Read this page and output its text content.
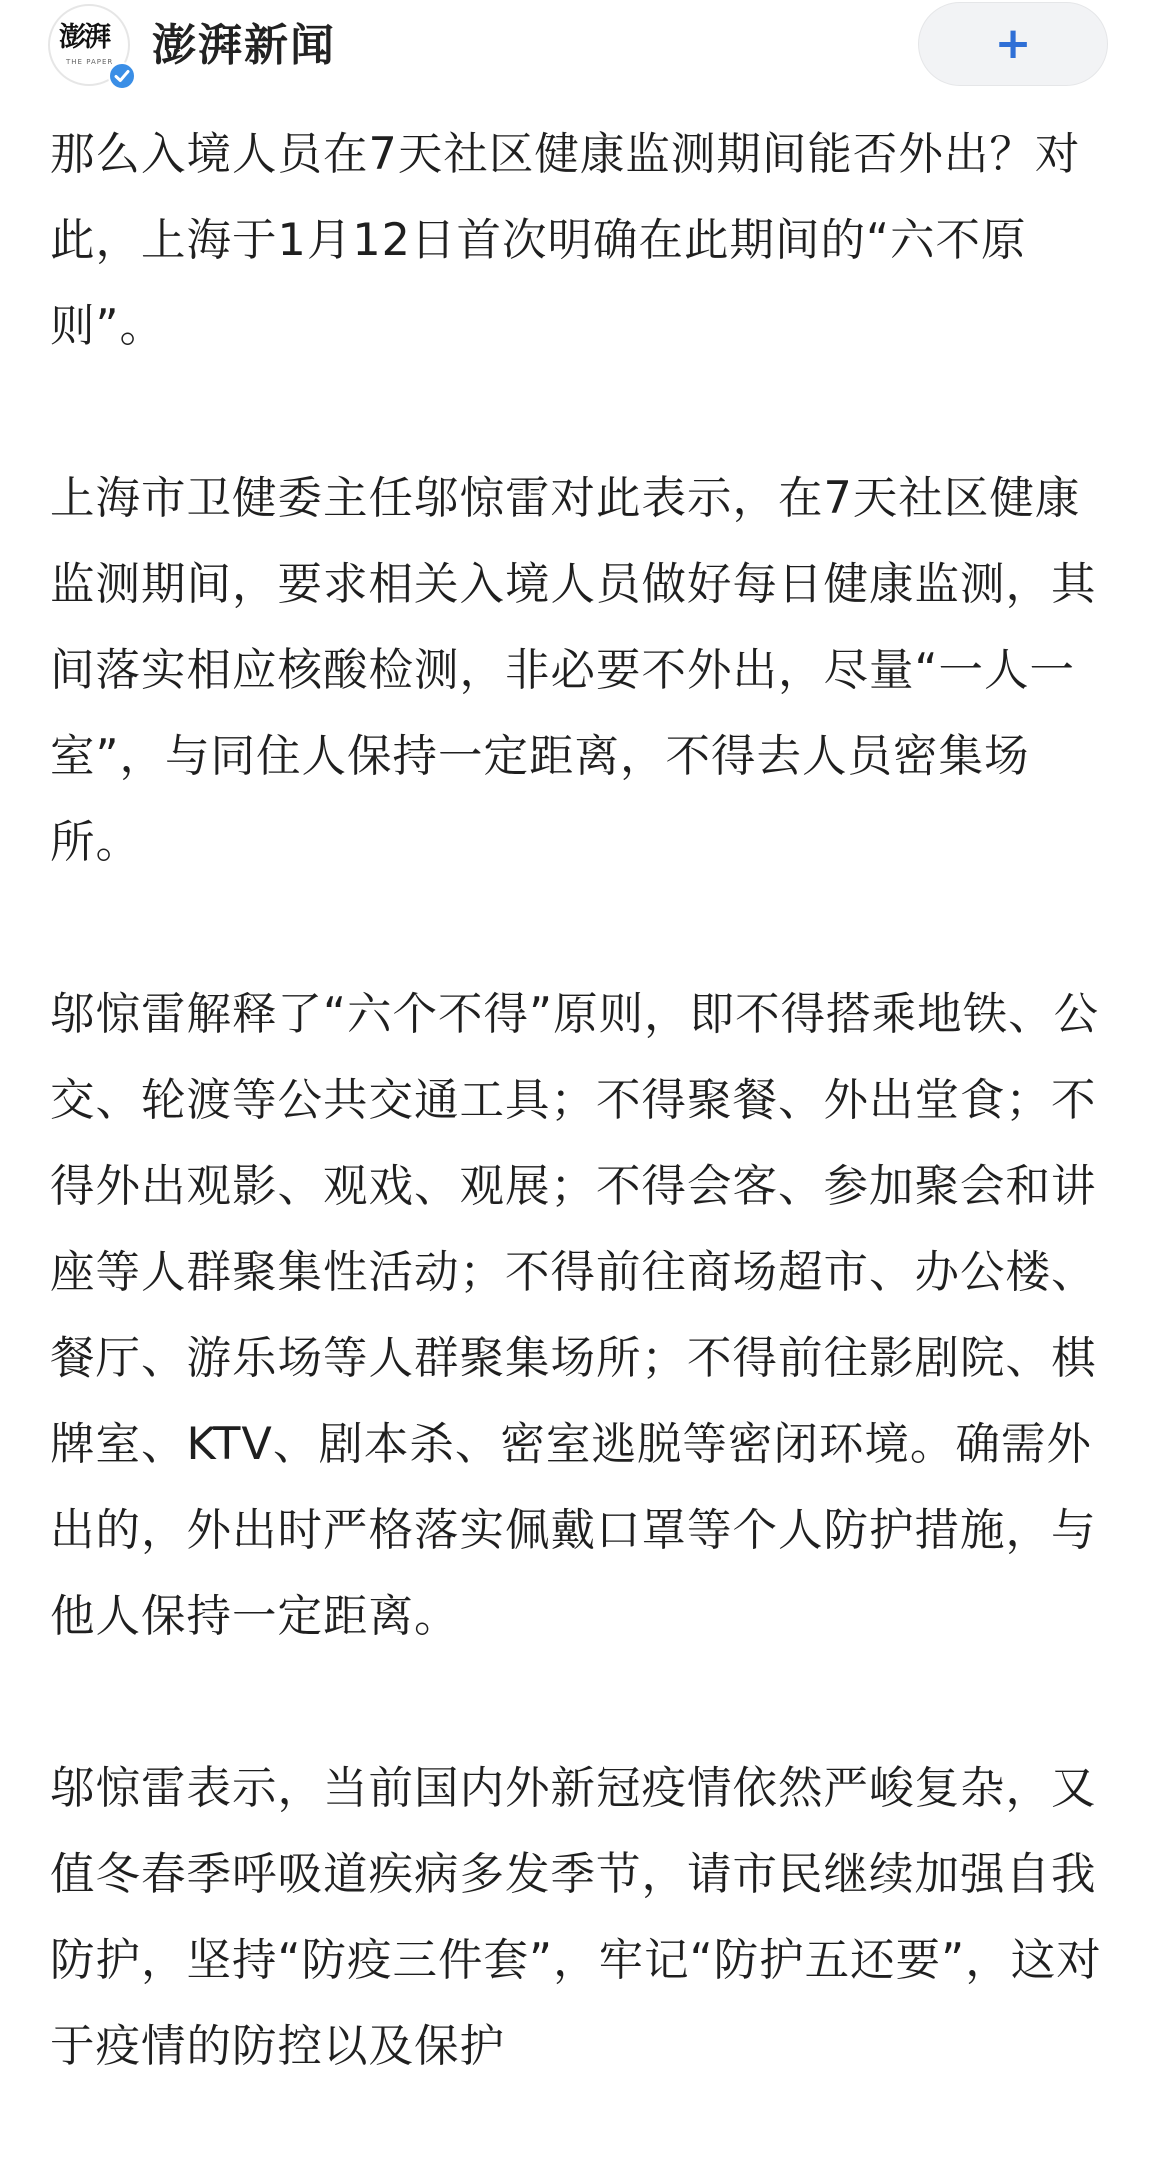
澎湃
THE PAPER 澎湃新闻	+

那么入境人员在7天社区健康监测期间能否外出？对此，上海于1月12日首次明确在此期间的“六不原则”。

上海市卫健委主任邬惊雷对此表示，在7天社区健康监测期间，要求相关入境人员做好每日健康监测，其间落实相应核酸检测，非必要不外出，尽量“一人一室”，与同住人保持一定距离，不得去人员密集场所。

邬惊雷解释了“六个不得”原则，即不得搭乘地铁、公交、轮渡等公共交通工具；不得聚餐、外出堂食；不得外出观影、观戏、观展；不得会客、参加聚会和讲座等人群聚集性活动；不得前往商场超市、办公楼、餐厅、游乐场等人群聚集场所；不得前往影剧院、棋牌室、KTV、剧本杀、密室逃脱等密闭环境。确需外出的，外出时严格落实佩戴口罩等个人防护措施，与他人保持一定距离。

邬惊雷表示，当前国内外新冠疫情依然严峻复杂，又值冬春季呼吸道疾病多发季节，请市民继续加强自我防护，坚持“防疫三件套”，牢记“防护五还要”，这对于疫情的防控以及保护
